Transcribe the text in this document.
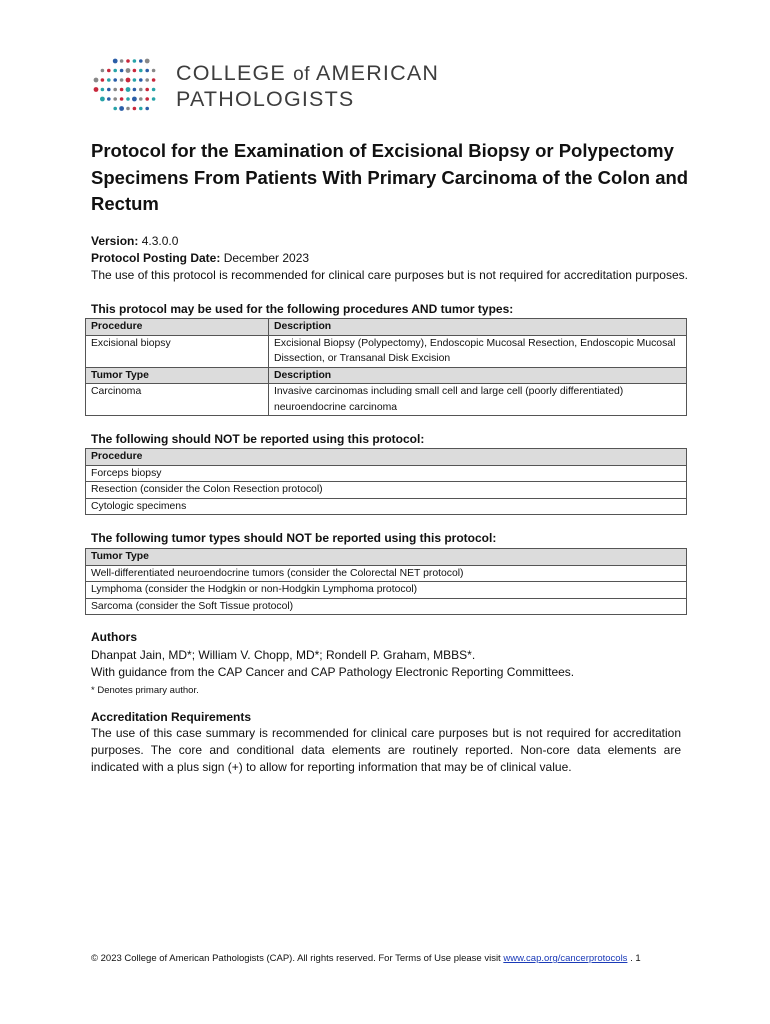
COLLEGE of AMERICAN
PATHOLOGISTS
Protocol for the Examination of Excisional Biopsy or Polypectomy Specimens From Patients With Primary Carcinoma of the Colon and Rectum
Version: 4.3.0.0
Protocol Posting Date: December 2023
The use of this protocol is recommended for clinical care purposes but is not required for accreditation purposes.
This protocol may be used for the following procedures AND tumor types:
Procedure	Description
Excisional biopsy	Excisional Biopsy (Polypectomy), Endoscopic Mucosal Resection, Endoscopic Mucosal Dissection, or Transanal Disk Excision
Tumor Type	Description
Carcinoma	Invasive carcinomas including small cell and large cell (poorly differentiated) neuroendocrine carcinoma
The following should NOT be reported using this protocol:
Procedure
Forceps biopsy
Resection (consider the Colon Resection protocol)
Cytologic specimens
The following tumor types should NOT be reported using this protocol:
Tumor Type
Well-differentiated neuroendocrine tumors (consider the Colorectal NET protocol)
Lymphoma (consider the Hodgkin or non-Hodgkin Lymphoma protocol)
Sarcoma (consider the Soft Tissue protocol)
Authors
Dhanpat Jain, MD*; William V. Chopp, MD*; Rondell P. Graham, MBBS*.
With guidance from the CAP Cancer and CAP Pathology Electronic Reporting Committees.
* Denotes primary author.
Accreditation Requirements
The use of this case summary is recommended for clinical care purposes but is not required for accreditation purposes. The core and conditional data elements are routinely reported. Non-core data elements are indicated with a plus sign (+) to allow for reporting information that may be of clinical value.
© 2023 College of American Pathologists (CAP). All rights reserved. For Terms of Use please visit www.cap.org/cancerprotocols . 1
